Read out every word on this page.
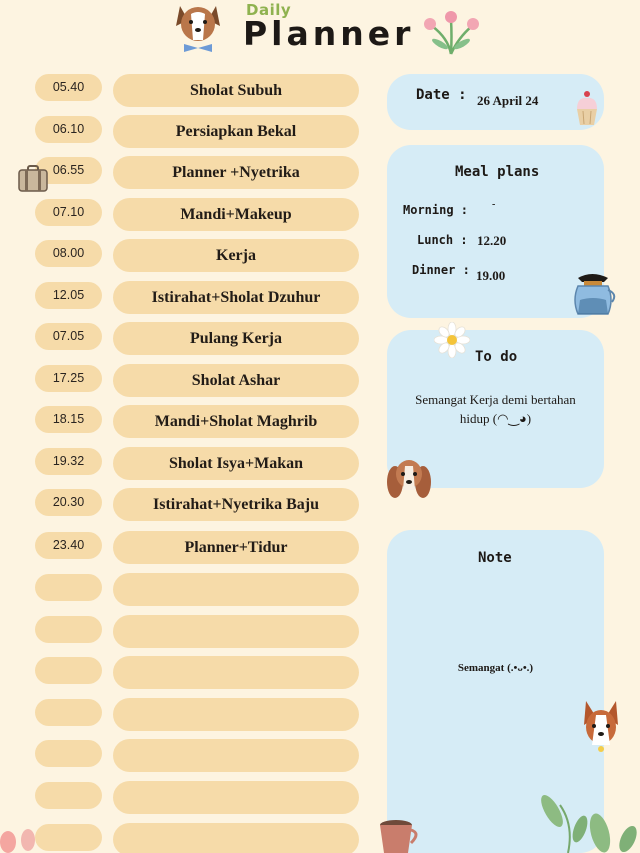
Daily
Planner
05.40	Sholat Subuh
06.10	Persiapkan Bekal
06.55	Planner +Nyetrika
07.10	Mandi+Makeup
08.00	Kerja
12.05	Istirahat+Sholat Dzuhur
07.05	Pulang Kerja
17.25	Sholat Ashar
18.15	Mandi+Sholat Maghrib
19.32	Sholat Isya+Makan
20.30	Istirahat+Nyetrika Baju
23.40	Planner+Tidur
Date : 26 April 24
Meal plans
Morning : -
Lunch : 12.20
Dinner : 19.00
To do
Semangat Kerja demi bertahan
hidup (◠‿◕)
Note
Semangat (.•ᴗ•.)
